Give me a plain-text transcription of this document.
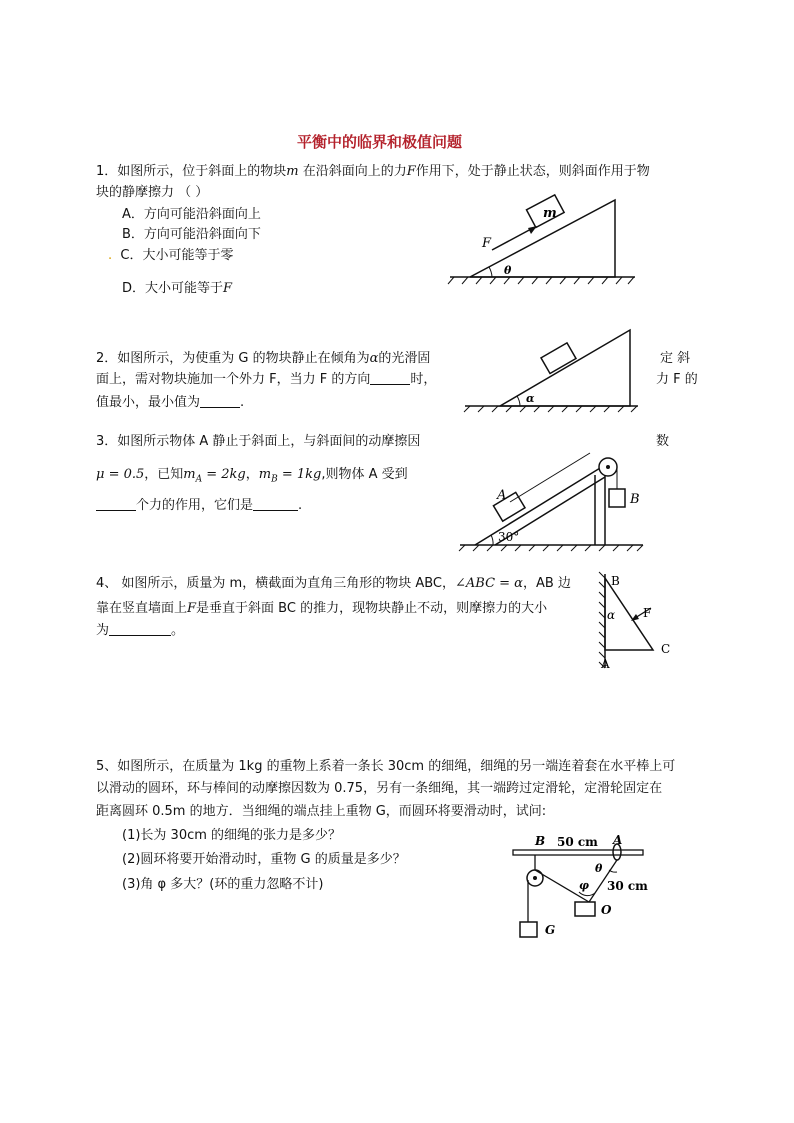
平衡中的临界和极值问题
1．如图所示，位于斜面上的物块m 在沿斜面向上的力F作用下，处于静止状态，则斜面作用于物
块的静摩擦力 （ ）
A．方向可能沿斜面向上
B．方向可能沿斜面向下
. C．大小可能等于零
D．大小可能等于F
m
F
θ
2．如图所示，为使重为 G 的物块静止在倾角为α的光滑固	定 斜
面上，需对物块施加一个外力 F，当力 F 的方向	时，	力 F 的
值最小，最小值为	.	α
3．如图所示物体 A 静止于斜面上，与斜面间的动摩擦因	数
μ = 0.5，已知$m_A = 2kg$，$m_B = 1kg$,则物体 A 受到
个力的作用，它们是	.	B
A
30°
4、 如图所示，质量为 m，横截面为直角三角形的物块 ABC，∠ABC = α，AB 边
靠在竖直墙面上F是垂直于斜面 BC 的推力，现物块静止不动，则摩擦力的大小
为	。
B
α F
C
A
5、如图所示，在质量为 1kg 的重物上系着一条长 30cm 的细绳，细绳的另一端连着套在水平棒上可
以滑动的圆环，环与棒间的动摩擦因数为 0.75，另有一条细绳，其一端跨过定滑轮，定滑轮固定在
距离圆环 0.5m 的地方．当细绳的端点挂上重物 G，而圆环将要滑动时，试问:
(1)长为 30cm 的细绳的张力是多少？
(2)圆环将要开始滑动时，重物 G 的质量是多少？
(3)角 φ 多大？(环的重力忽略不计)
B 50 cm A
G
O
θ
φ 30 cm
